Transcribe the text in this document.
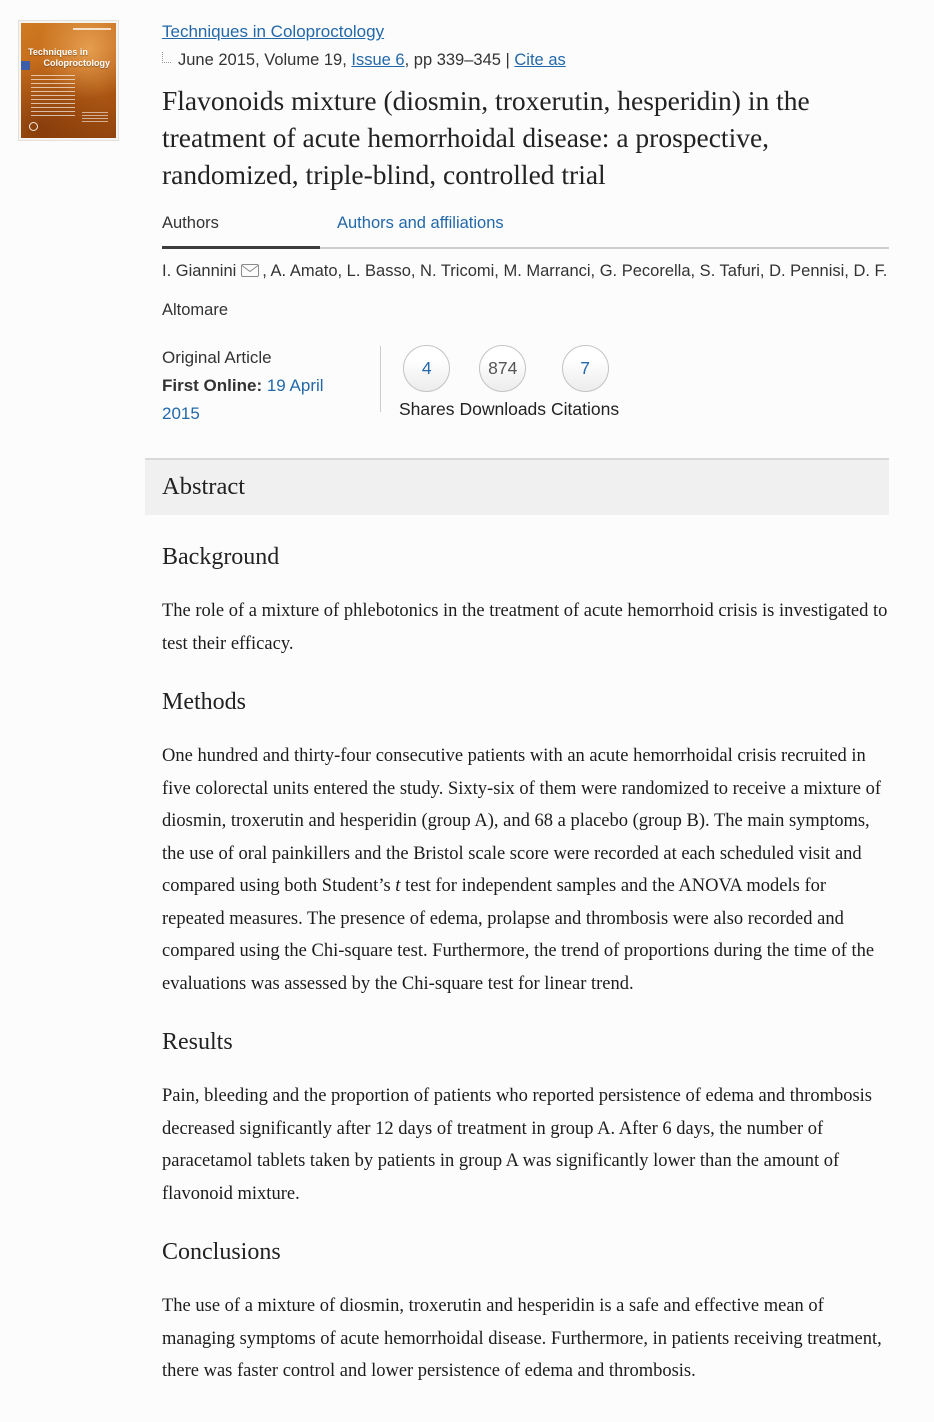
Techniques in
Coloproctology
Techniques in Coloproctology
June 2015, Volume 19, Issue 6, pp 339–345 | Cite as
Flavonoids mixture (diosmin, troxerutin, hesperidin) in the treatment of acute hemorrhoidal disease: a prospective, randomized, triple-blind, controlled trial
Authors	Authors and affiliations
I. Giannini , A. Amato, L. Basso, N. Tricomi, M. Marranci, G. Pecorella, S. Tafuri, D. Pennisi, D. F. Altomare
Original Article
First Online: 19 April 2015
4
Shares
874
Downloads
7
Citations
Abstract
Background

The role of a mixture of phlebotonics in the treatment of acute hemorrhoid crisis is investigated to test their efficacy.

Methods

One hundred and thirty-four consecutive patients with an acute hemorrhoidal crisis recruited in five colorectal units entered the study. Sixty-six of them were randomized to receive a mixture of diosmin, troxerutin and hesperidin (group A), and 68 a placebo (group B). The main symptoms, the use of oral painkillers and the Bristol scale score were recorded at each scheduled visit and compared using both Student’s t test for independent samples and the ANOVA models for repeated measures. The presence of edema, prolapse and thrombosis were also recorded and compared using the Chi-square test. Furthermore, the trend of proportions during the time of the evaluations was assessed by the Chi-square test for linear trend.

Results

Pain, bleeding and the proportion of patients who reported persistence of edema and thrombosis decreased significantly after 12 days of treatment in group A. After 6 days, the number of paracetamol tablets taken by patients in group A was significantly lower than the amount of flavonoid mixture.

Conclusions

The use of a mixture of diosmin, troxerutin and hesperidin is a safe and effective mean of managing symptoms of acute hemorrhoidal disease. Furthermore, in patients receiving treatment, there was faster control and lower persistence of edema and thrombosis.
